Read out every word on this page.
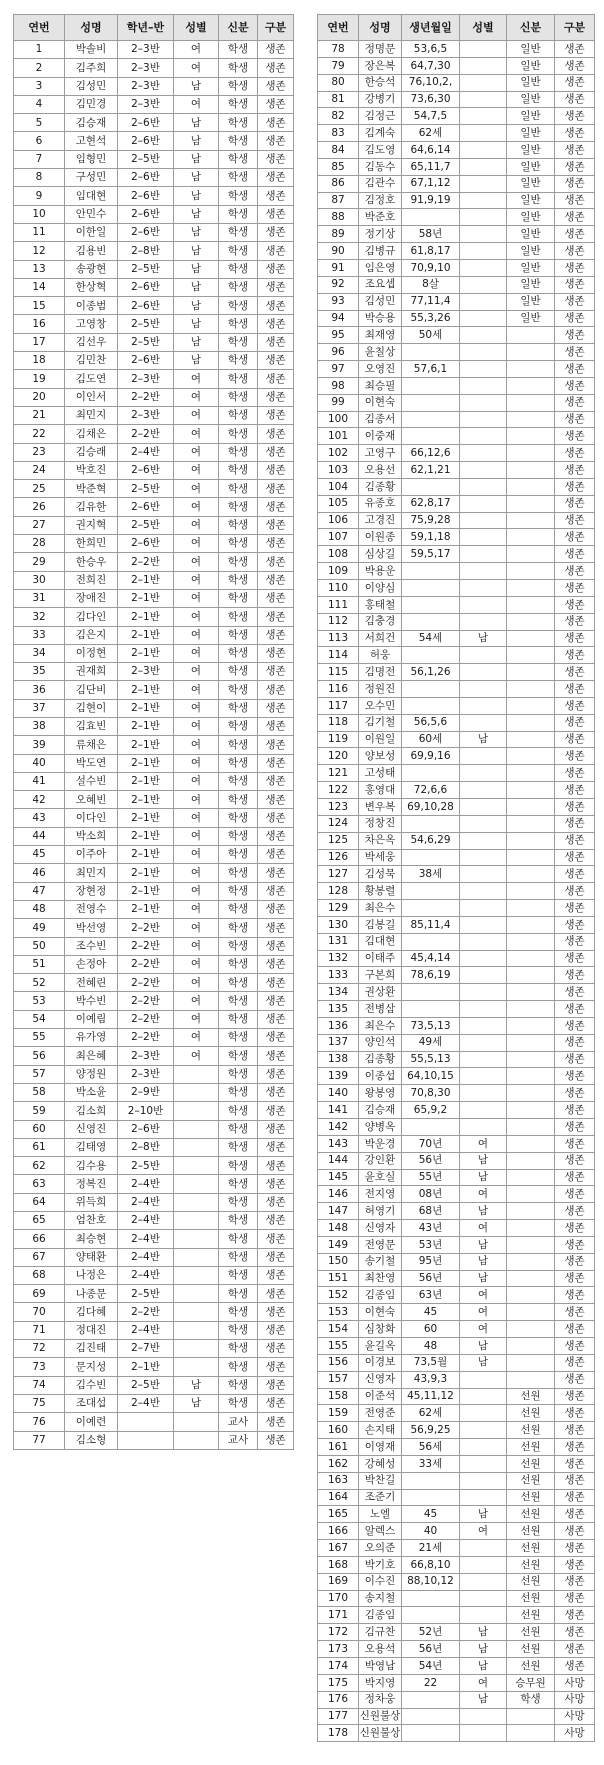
연번	성명	학년–반	성별	신분	구분
1	박솔비	2–3반	여	학생	생존
2	김주희	2–3반	여	학생	생존
3	김성민	2–3반	남	학생	생존
4	김민경	2–3반	여	학생	생존
5	김승재	2–6반	남	학생	생존
6	고현석	2–6반	남	학생	생존
7	임형민	2–5반	남	학생	생존
8	구성민	2–6반	남	학생	생존
9	임대현	2–6반	남	학생	생존
10	안민수	2–6반	남	학생	생존
11	이한일	2–6반	남	학생	생존
12	김용빈	2–8반	남	학생	생존
13	송광현	2–5반	남	학생	생존
14	한상혁	2–6반	남	학생	생존
15	이종범	2–6반	남	학생	생존
16	고영창	2–5반	남	학생	생존
17	김선우	2–5반	남	학생	생존
18	김민찬	2–6반	남	학생	생존
19	김도연	2–3반	여	학생	생존
20	이인서	2–2반	여	학생	생존
21	최민지	2–3반	여	학생	생존
22	김채은	2–2반	여	학생	생존
23	김승래	2–4반	여	학생	생존
24	박호진	2–6반	여	학생	생존
25	박준혁	2–5반	여	학생	생존
26	김유한	2–6반	여	학생	생존
27	권지혁	2–5반	여	학생	생존
28	한희민	2–6반	여	학생	생존
29	한승우	2–2반	여	학생	생존
30	전희진	2–1반	여	학생	생존
31	장애진	2–1반	여	학생	생존
32	김다인	2–1반	여	학생	생존
33	김은지	2–1반	여	학생	생존
34	이정현	2–1반	여	학생	생존
35	권재희	2–3반	여	학생	생존
36	김단비	2–1반	여	학생	생존
37	김현이	2–1반	여	학생	생존
38	김효빈	2–1반	여	학생	생존
39	류채은	2–1반	여	학생	생존
40	박도연	2–1반	여	학생	생존
41	설수빈	2–1반	여	학생	생존
42	오혜빈	2–1반	여	학생	생존
43	이다인	2–1반	여	학생	생존
44	박소희	2–1반	여	학생	생존
45	이주아	2–1반	여	학생	생존
46	최민지	2–1반	여	학생	생존
47	장현정	2–1반	여	학생	생존
48	전영수	2–1반	여	학생	생존
49	박선영	2–2반	여	학생	생존
50	조수빈	2–2반	여	학생	생존
51	손정아	2–2반	여	학생	생존
52	전혜린	2–2반	여	학생	생존
53	박수빈	2–2반	여	학생	생존
54	이예림	2–2반	여	학생	생존
55	유가영	2–2반	여	학생	생존
56	최은혜	2–3반	여	학생	생존
57	양정원	2–3반		학생	생존
58	박소윤	2–9반		학생	생존
59	김소희	2–10반		학생	생존
60	신영진	2–6반		학생	생존
61	김태영	2–8반		학생	생존
62	김수용	2–5반		학생	생존
63	정복진	2–4반		학생	생존
64	위득희	2–4반		학생	생존
65	엄찬호	2–4반		학생	생존
66	최승현	2–4반		학생	생존
67	양태환	2–4반		학생	생존
68	나정은	2–4반		학생	생존
69	나종문	2–5반		학생	생존
70	김다혜	2–2반		학생	생존
71	정대진	2–4반		학생	생존
72	김진태	2–7반		학생	생존
73	문지성	2–1반		학생	생존
74	김수빈	2–5반	남	학생	생존
75	조대섭	2–4반	남	학생	생존
76	이예련			교사	생존
77	김소형			교사	생존
연번	성명	생년월일	성별	신분	구분
78	정명문	53,6,5		일반	생존
79	장은복	64,7,30		일반	생존
80	한승석	76,10,2,		일반	생존
81	강병기	73,6,30		일반	생존
82	김정근	54,7,5		일반	생존
83	김계숙	62세		일반	생존
84	김도영	64,6,14		일반	생존
85	김동수	65,11,7		일반	생존
86	김관수	67,1,12		일반	생존
87	김정호	91,9,19		일반	생존
88	박준호			일반	생존
89	정기상	58년		일반	생존
90	김병규	61,8,17		일반	생존
91	임은영	70,9,10		일반	생존
92	조요셉	8살		일반	생존
93	김성민	77,11,4		일반	생존
94	박승용	55,3,26		일반	생존
95	최재영	50세			생존
96	윤칠상				생존
97	오영진	57,6,1			생존
98	최승필				생존
99	이현숙				생존
100	김종서				생존
101	이중재				생존
102	고영구	66,12,6			생존
103	오용선	62,1,21			생존
104	김종황				생존
105	유종호	62,8,17			생존
106	고경진	75,9,28			생존
107	이원종	59,1,18			생존
108	심상길	59,5,17			생존
109	박용운				생존
110	이양심				생존
111	홍태철				생존
112	김충경				생존
113	서희건	54세	남		생존
114	허웅				생존
115	김명전	56,1,26			생존
116	정원진				생존
117	오수민				생존
118	김기철	56,5,6			생존
119	이원일	60세	남		생존
120	양보성	69,9,16			생존
121	고성태				생존
122	홍영대	72,6,6			생존
123	변우복	69,10,28			생존
124	정창진				생존
125	차은옥	54,6,29			생존
126	박세웅				생존
127	김성묵	38세			생존
128	황봉렬				생존
129	최은수				생존
130	김봉길	85,11,4			생존
131	김대현				생존
132	이태주	45,4,14			생존
133	구본희	78,6,19			생존
134	권상환				생존
135	전병삼				생존
136	최은수	73,5,13			생존
137	양인석	49세			생존
138	김종황	55,5,13			생존
139	이종섭	64,10,15			생존
140	왕봉영	70,8,30			생존
141	김승재	65,9,2			생존
142	양병옥				생존
143	박운경	70년	여		생존
144	강인환	56년	남		생존
145	윤호실	55년	남		생존
146	전지영	08년	여		생존
147	허영기	68년	남		생존
148	신영자	43년	여		생존
149	전영문	53년	남		생존
150	송기철	95년	남		생존
151	최찬영	56년	남		생존
152	김종임	63년	여		생존
153	이현숙	45	여		생존
154	심창화	60	여		생존
155	윤길옥	48	남		생존
156	이경보	73,5월	남		생존
157	신영자	43,9,3			생존
158	이준석	45,11,12		선원	생존
159	전영준	62세		선원	생존
160	손지태	56,9,25		선원	생존
161	이영재	56세		선원	생존
162	강혜성	33세		선원	생존
163	박찬길			선원	생존
164	조준기			선원	생존
165	노엘	45	남	선원	생존
166	알렉스	40	여	선원	생존
167	오의준	21세		선원	생존
168	박기호	66,8,10		선원	생존
169	이수진	88,10,12		선원	생존
170	송지철			선원	생존
171	김종임			선원	생존
172	김규찬	52년	남	선원	생존
173	오용석	56년	남	선원	생존
174	박영남	54년	남	선원	생존
175	박지영	22	여	승무원	사망
176	정차웅		남	학생	사망
177	신원불상				사망
178	신원불상				사망
